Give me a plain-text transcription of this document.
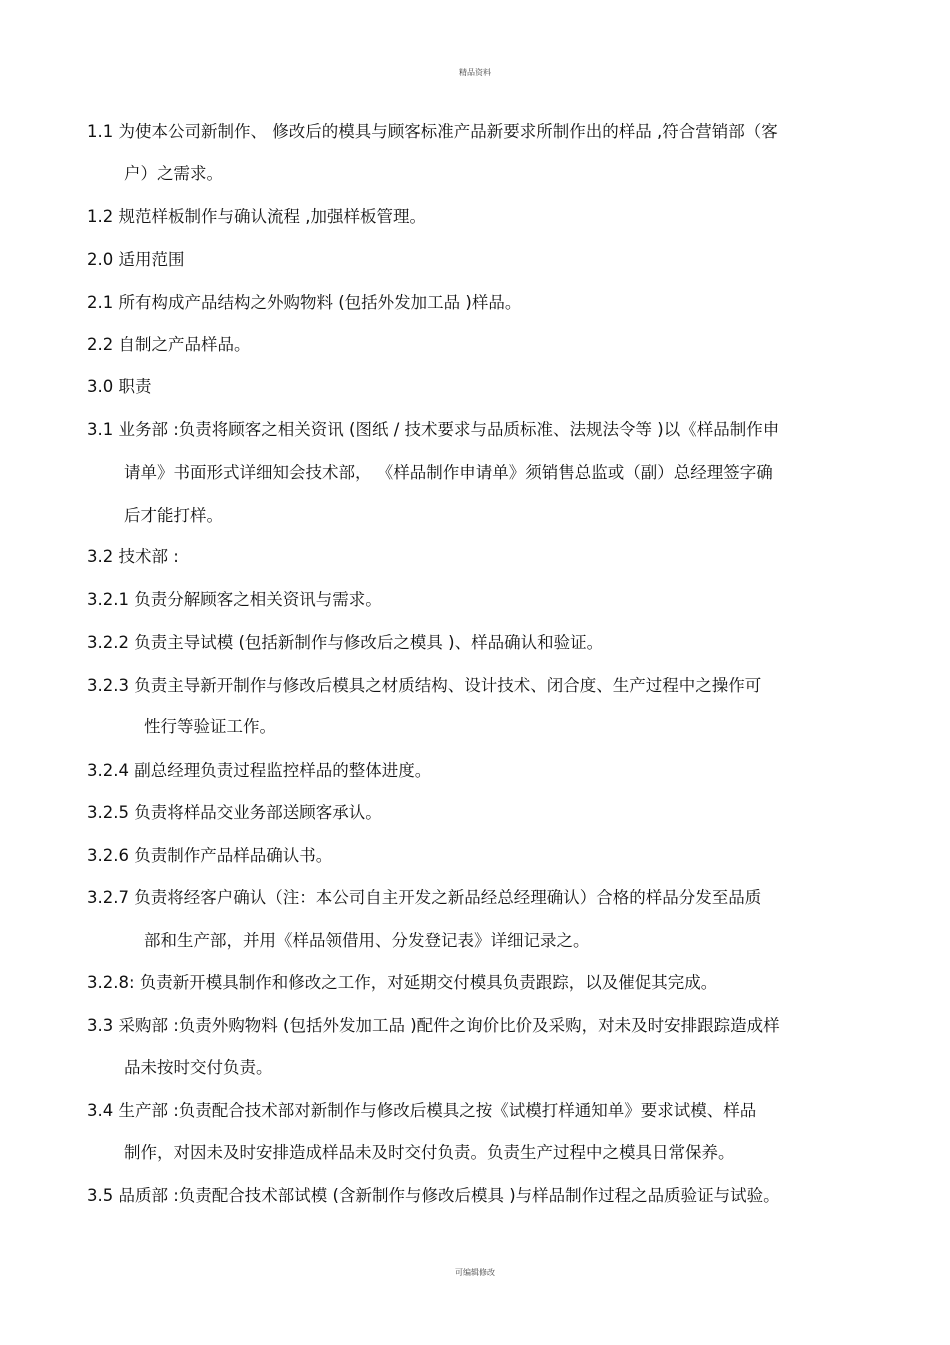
精品资料
1.1 为使本公司新制作、 修改后的模具与顾客标准产品新要求所制作出的样品 ,符合营销部（客
户）之需求。
1.2 规范样板制作与确认流程 ,加强样板管理。
2.0 适用范围
2.1 所有构成产品结构之外购物料 (包括外发加工品 )样品。
2.2 自制之产品样品。
3.0 职责
3.1 业务部 :负责将顾客之相关资讯 (图纸 / 技术要求与品质标准、法规法令等 )以《样品制作申
请单》书面形式详细知会技术部， 《样品制作申请单》须销售总监或（副）总经理签字确
后才能打样。
3.2 技术部 :
3.2.1 负责分解顾客之相关资讯与需求。
3.2.2 负责主导试模 (包括新制作与修改后之模具 )、样品确认和验证。
3.2.3 负责主导新开制作与修改后模具之材质结构、设计技术、闭合度、生产过程中之操作可
性行等验证工作。
3.2.4 副总经理负责过程监控样品的整体进度。
3.2.5 负责将样品交业务部送顾客承认。
3.2.6 负责制作产品样品确认书。
3.2.7 负责将经客户确认（注：本公司自主开发之新品经总经理确认）合格的样品分发至品质
部和生产部，并用《样品领借用、分发登记表》详细记录之。
3.2.8: 负责新开模具制作和修改之工作，对延期交付模具负责跟踪，以及催促其完成。
3.3 采购部 :负责外购物料 (包括外发加工品 )配件之询价比价及采购，对未及时安排跟踪造成样
品未按时交付负责。
3.4 生产部 :负责配合技术部对新制作与修改后模具之按《试模打样通知单》要求试模、样品
制作，对因未及时安排造成样品未及时交付负责。负责生产过程中之模具日常保养。
3.5 品质部 :负责配合技术部试模 (含新制作与修改后模具 )与样品制作过程之品质验证与试验。
可编辑修改
